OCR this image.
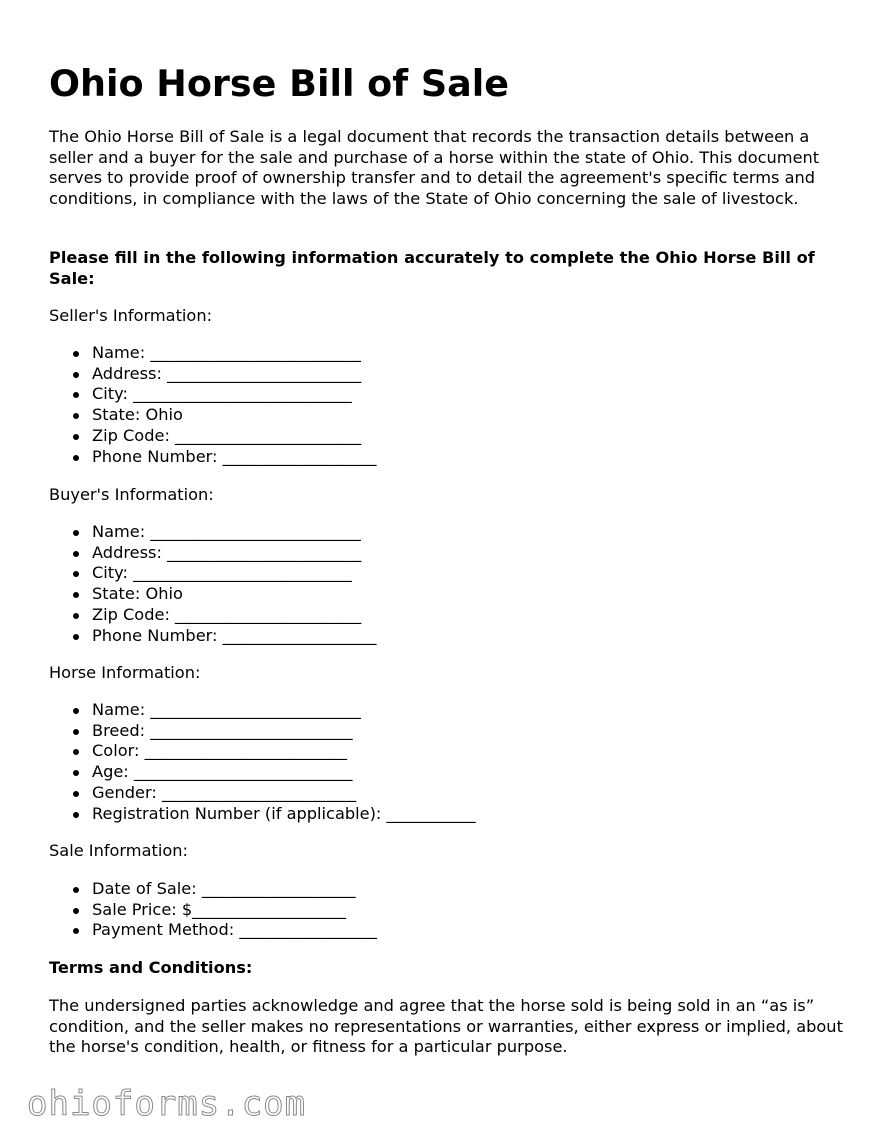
Ohio Horse Bill of Sale

The Ohio Horse Bill of Sale is a legal document that records the transaction details between a seller and a buyer for the sale and purchase of a horse within the state of Ohio. This document serves to provide proof of ownership transfer and to detail the agreement's specific terms and conditions, in compliance with the laws of the State of Ohio concerning the sale of livestock.

Please fill in the following information accurately to complete the Ohio Horse Bill of Sale:

Seller's Information:

Name: __________________________
Address: ________________________
City: ___________________________
State: Ohio
Zip Code: _______________________
Phone Number: ___________________

Buyer's Information:

Name: __________________________
Address: ________________________
City: ___________________________
State: Ohio
Zip Code: _______________________
Phone Number: ___________________

Horse Information:

Name: __________________________
Breed: _________________________
Color: _________________________
Age: ___________________________
Gender: ________________________
Registration Number (if applicable): ___________

Sale Information:

Date of Sale: ___________________
Sale Price: $___________________
Payment Method: _________________

Terms and Conditions:

The undersigned parties acknowledge and agree that the horse sold is being sold in an “as is” condition, and the seller makes no representations or warranties, either express or implied, about the horse's condition, health, or fitness for a particular purpose.

ohioforms.com
